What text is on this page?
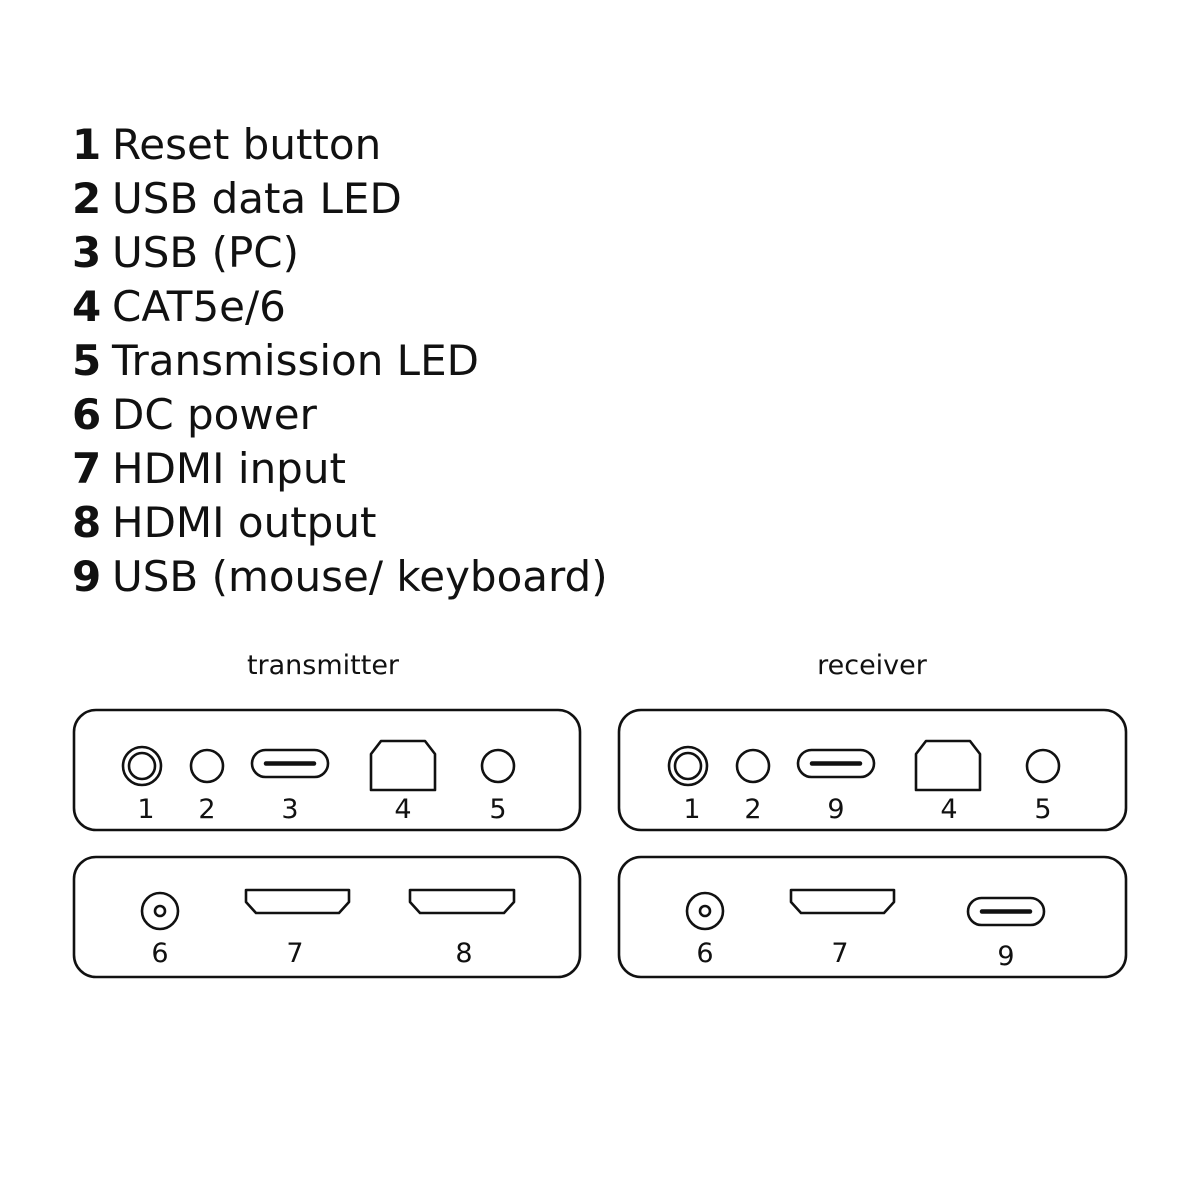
1 Reset button
2 USB data LED
3 USB (PC)
4 CAT5e/6
5 Transmission LED
6 DC power
7 HDMI input
8 HDMI output
9 USB (mouse/ keyboard)
transmitter	receiver
1 2 3	4	5
6	7	8
1 2 9	4	5
6	7	9
